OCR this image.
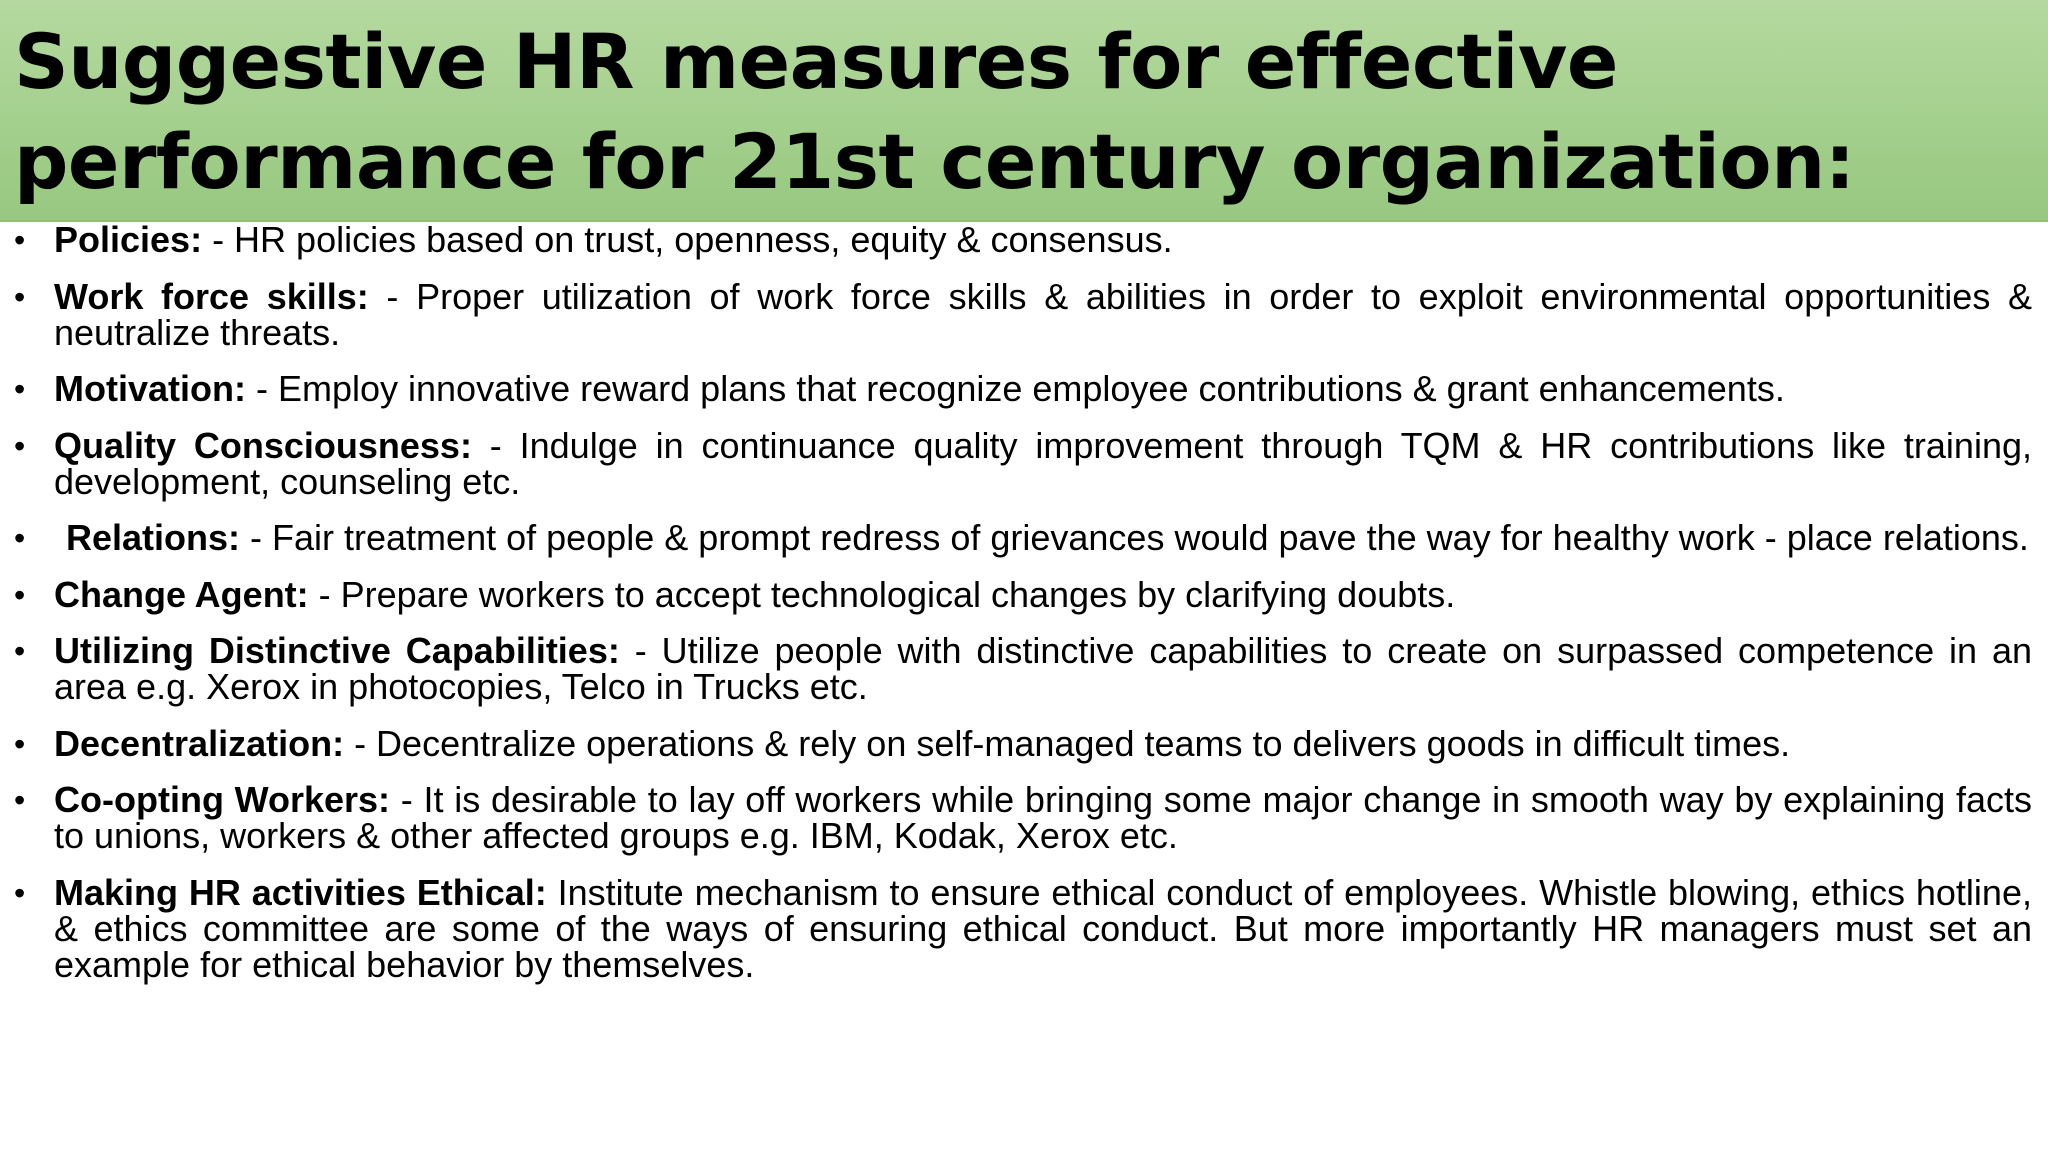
Suggestive HR measures for effective performance for 21st century organization:
• Policies: - HR policies based on trust, openness, equity & consensus.
• Work force skills: - Proper utilization of work force skills & abilities in order to exploit environmental opportunities & neutralize threats.
• Motivation: - Employ innovative reward plans that recognize employee contributions & grant enhancements.
• Quality Consciousness: - Indulge in continuance quality improvement through TQM & HR contributions like training, development, counseling etc.
• Relations: - Fair treatment of people & prompt redress of grievances would pave the way for healthy work - place relations.
• Change Agent: - Prepare workers to accept technological changes by clarifying doubts.
• Utilizing Distinctive Capabilities: - Utilize people with distinctive capabilities to create on surpassed competence in an area e.g. Xerox in photocopies, Telco in Trucks etc.
• Decentralization: - Decentralize operations & rely on self-managed teams to delivers goods in difficult times.
• Co-opting Workers: - It is desirable to lay off workers while bringing some major change in smooth way by explaining facts to unions, workers & other affected groups e.g. IBM, Kodak, Xerox etc.
• Making HR activities Ethical: Institute mechanism to ensure ethical conduct of employees. Whistle blowing, ethics hotline, & ethics committee are some of the ways of ensuring ethical conduct. But more importantly HR managers must set an example for ethical behavior by themselves.
